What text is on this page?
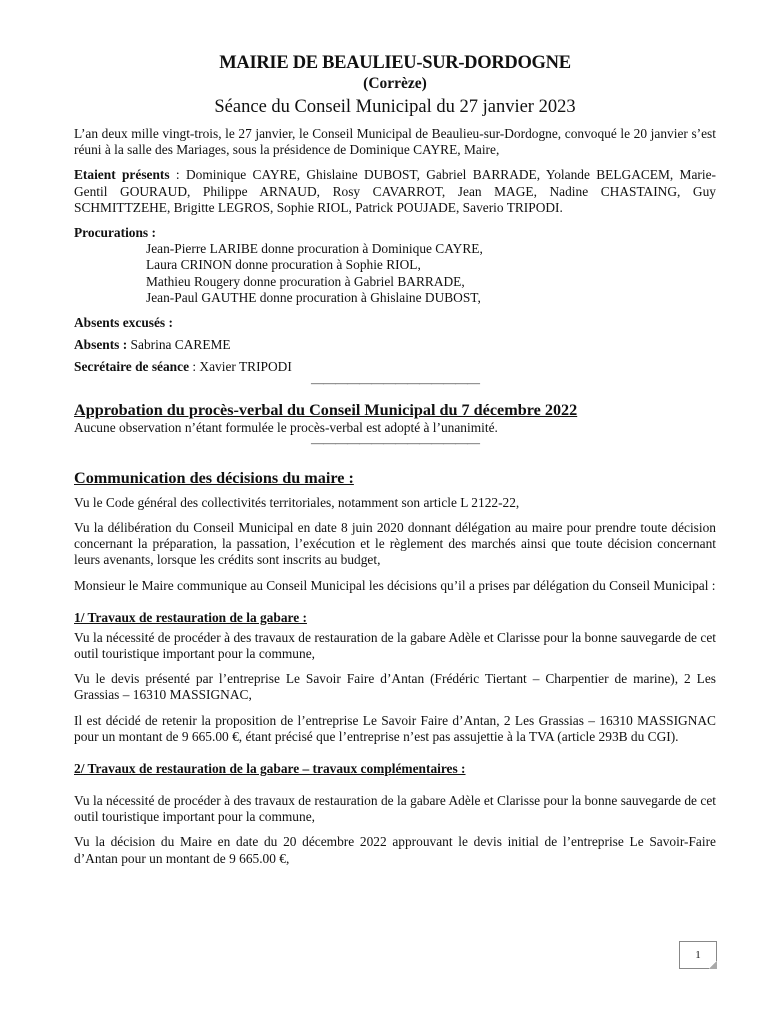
MAIRIE DE BEAULIEU-SUR-DORDOGNE

(Corrèze)

Séance du Conseil Municipal du 27 janvier 2023

L’an deux mille vingt-trois, le 27 janvier, le Conseil Municipal de Beaulieu-sur-Dordogne, convoqué le 20 janvier s’est réuni à la salle des Mariages, sous la présidence de Dominique CAYRE, Maire,

Etaient présents : Dominique CAYRE, Ghislaine DUBOST, Gabriel BARRADE, Yolande BELGACEM, Marie-Gentil GOURAUD, Philippe ARNAUD, Rosy CAVARROT, Jean MAGE, Nadine CHASTAING, Guy SCHMITTZEHE, Brigitte LEGROS, Sophie RIOL, Patrick POUJADE, Saverio TRIPODI.

Procurations :

Jean-Pierre LARIBE donne procuration à Dominique CAYRE,

Laura CRINON donne procuration à Sophie RIOL,

Mathieu Rougery donne procuration à Gabriel BARRADE,

Jean-Paul GAUTHE donne procuration à Ghislaine DUBOST,

Absents excusés :

Absents : Sabrina CAREME

Secrétaire de séance : Xavier TRIPODI

——————————————

Approbation du procès-verbal du Conseil Municipal du 7 décembre 2022

Aucune observation n’étant formulée le procès-verbal est adopté à l’unanimité.

——————————————

Communication des décisions du maire :

Vu le Code général des collectivités territoriales, notamment son article L 2122-22,

Vu la délibération du Conseil Municipal en date 8 juin 2020 donnant délégation au maire pour prendre toute décision concernant la préparation, la passation, l’exécution et le règlement des marchés ainsi que toute décision concernant leurs avenants, lorsque les crédits sont inscrits au budget,

Monsieur le Maire communique au Conseil Municipal les décisions qu’il a prises par délégation du Conseil Municipal :

1/ Travaux de restauration de la gabare :

Vu la nécessité de procéder à des travaux de restauration de la gabare Adèle et Clarisse pour la bonne sauvegarde de cet outil touristique important pour la commune,

Vu le devis présenté par l’entreprise Le Savoir Faire d’Antan (Frédéric Tiertant – Charpentier de marine), 2 Les Grassias – 16310 MASSIGNAC,

Il est décidé de retenir la proposition de l’entreprise Le Savoir Faire d’Antan, 2 Les Grassias – 16310 MASSIGNAC pour un montant de 9 665.00 €, étant précisé que l’entreprise n’est pas assujettie à la TVA (article 293B du CGI).

2/ Travaux de restauration de la gabare – travaux complémentaires :

Vu la nécessité de procéder à des travaux de restauration de la gabare Adèle et Clarisse pour la bonne sauvegarde de cet outil touristique important pour la commune,

Vu la décision du Maire en date du 20 décembre 2022 approuvant le devis initial de l’entreprise Le Savoir-Faire d’Antan pour un montant de 9 665.00 €,

1
